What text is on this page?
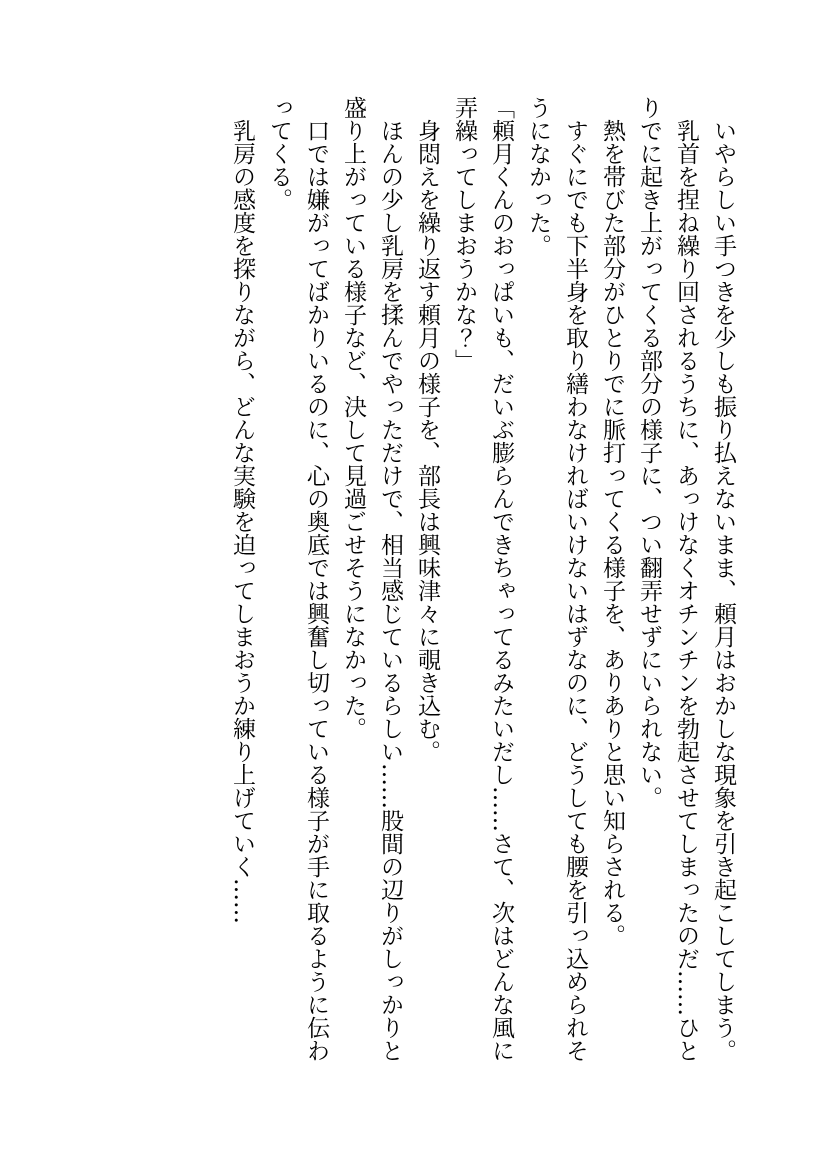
　いやらしい手つきを少しも振り払えないまま、頼月はおかしな現象を引き起こしてしまう。

　乳首を捏ね繰り回されるうちに、あっけなくオチンチンを勃起させてしまったのだ……ひとりでに起き上がってくる部分の様子に、つい翻弄せずにいられない。

　熱を帯びた部分がひとりでに脈打ってくる様子を、ありありと思い知らされる。

　すぐにでも下半身を取り繕わなければいけないはずなのに、どうしても腰を引っ込められそうになかった。

「頼月くんのおっぱいも、だいぶ膨らんできちゃってるみたいだし……さて、次はどんな風に弄繰ってしまおうかな？」

　身悶えを繰り返す頼月の様子を、部長は興味津々に覗き込む。

　ほんの少し乳房を揉んでやっただけで、相当感じているらしい……股間の辺りがしっかりと盛り上がっている様子など、決して見過ごせそうになかった。

　口では嫌がってばかりいるのに、心の奥底では興奮し切っている様子が手に取るように伝わってくる。

　乳房の感度を探りながら、どんな実験を迫ってしまおうか練り上げていく……
